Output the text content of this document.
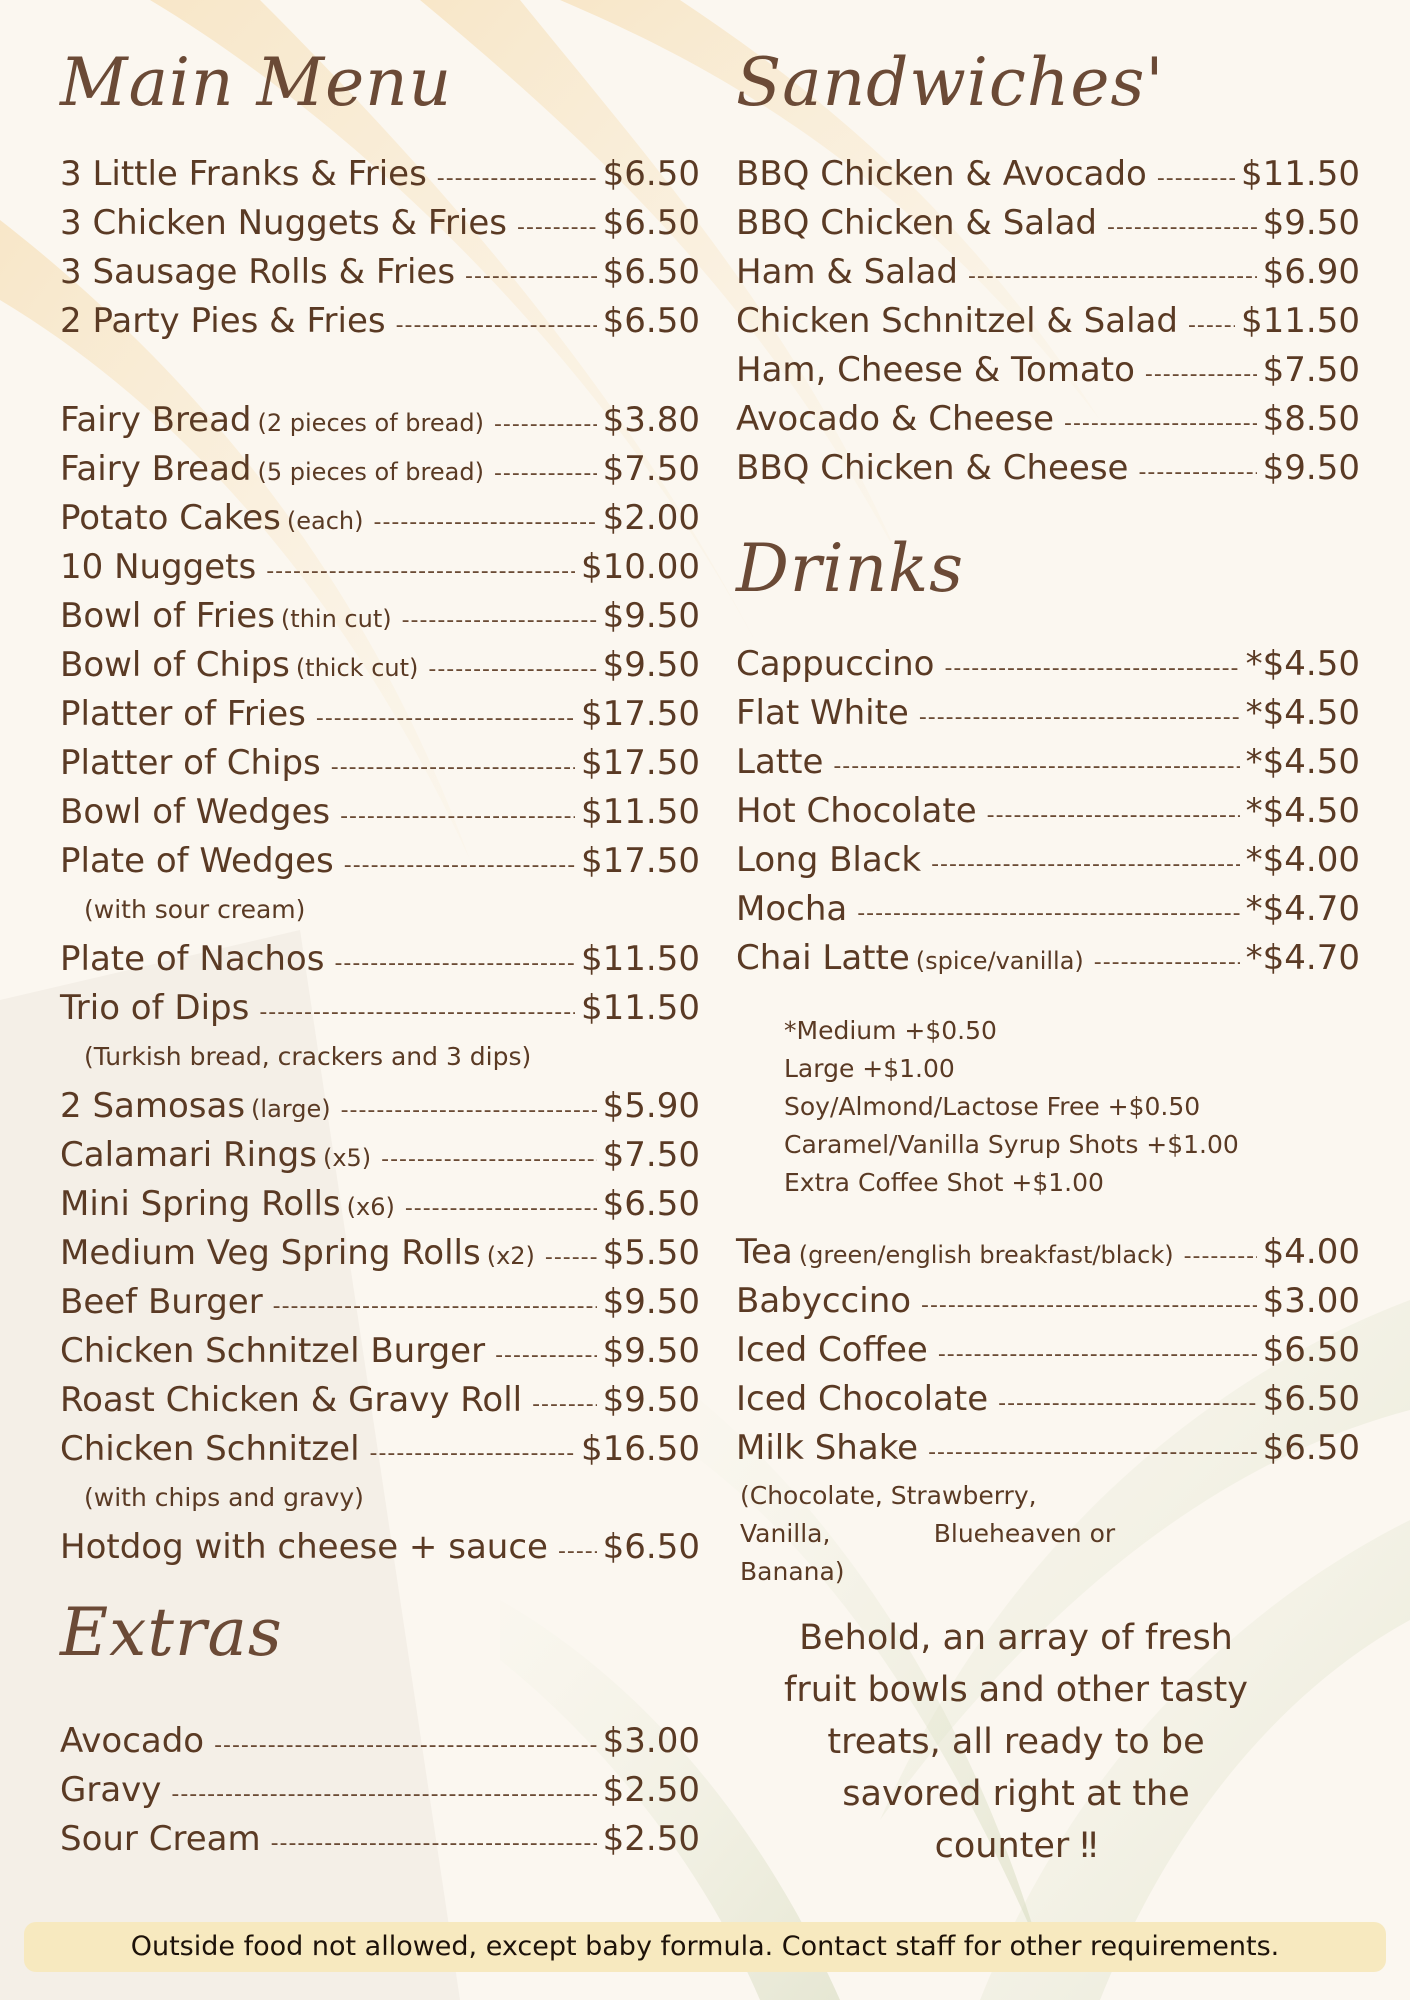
Main Menu
3 Little Franks & Fries -----	$6.50
3 Chicken Nuggets & Fries -----	$6.50
3 Sausage Rolls & Fries -----	$6.50
2 Party Pies & Fries -----	$6.50
Fairy Bread (2 pieces of bread) -----	$3.80
Fairy Bread (5 pieces of bread) -----	$7.50
Potato Cakes (each) -----	$2.00
10 Nuggets -----	$10.00
Bowl of Fries (thin cut) -----	$9.50
Bowl of Chips (thick cut) -----	$9.50
Platter of Fries -----	$17.50
Platter of Chips -----	$17.50
Bowl of Wedges -----	$11.50
Plate of Wedges -----	$17.50
(with sour cream)
Plate of Nachos -----	$11.50
Trio of Dips -----	$11.50
(Turkish bread, crackers and 3 dips)
2 Samosas (large) -----	$5.90
Calamari Rings (x5) -----	$7.50
Mini Spring Rolls (x6) -----	$6.50
Medium Veg Spring Rolls (x2) ----- $5.50
Beef Burger -----	$9.50
Chicken Schnitzel Burger -----	$9.50
Roast Chicken & Gravy Roll ----- $9.50
Chicken Schnitzel -----	$16.50
(with chips and gravy)
Hotdog with cheese + sauce ----- $6.50
Extras
Avocado -----	$3.00
Gravy -----	$2.50
Sour Cream -----	$2.50
Sandwiches'
BBQ Chicken & Avocado -----	$11.50
BBQ Chicken & Salad -----	$9.50
Ham & Salad -----	$6.90
Chicken Schnitzel & Salad ----- $11.50
Ham, Cheese & Tomato -----	$7.50
Avocado & Cheese -----	$8.50
BBQ Chicken & Cheese -----	$9.50
Drinks
Cappuccino -----	*$4.50
Flat White -----	*$4.50
Latte -----	*$4.50
Hot Chocolate -----	*$4.50
Long Black -----	*$4.00
Mocha -----	*$4.70
Chai Latte (spice/vanilla) -----	*$4.70
*Medium +$0.50
Large +$1.00
Soy/Almond/Lactose Free +$0.50
Caramel/Vanilla Syrup Shots +$1.00
Extra Coffee Shot +$1.00
Tea (green/english breakfast/black) -----	$4.00
Babyccino -----	$3.00
Iced Coffee -----	$6.50
Iced Chocolate -----	$6.50
Milk Shake -----	$6.50
(Chocolate, Strawberry, Vanilla,             Blueheaven or Banana)
Behold, an array of fresh
fruit bowls and other tasty
treats, all ready to be
savored right at the
counter ‼
Outside food not allowed, except baby formula. Contact staff for other requirements.
